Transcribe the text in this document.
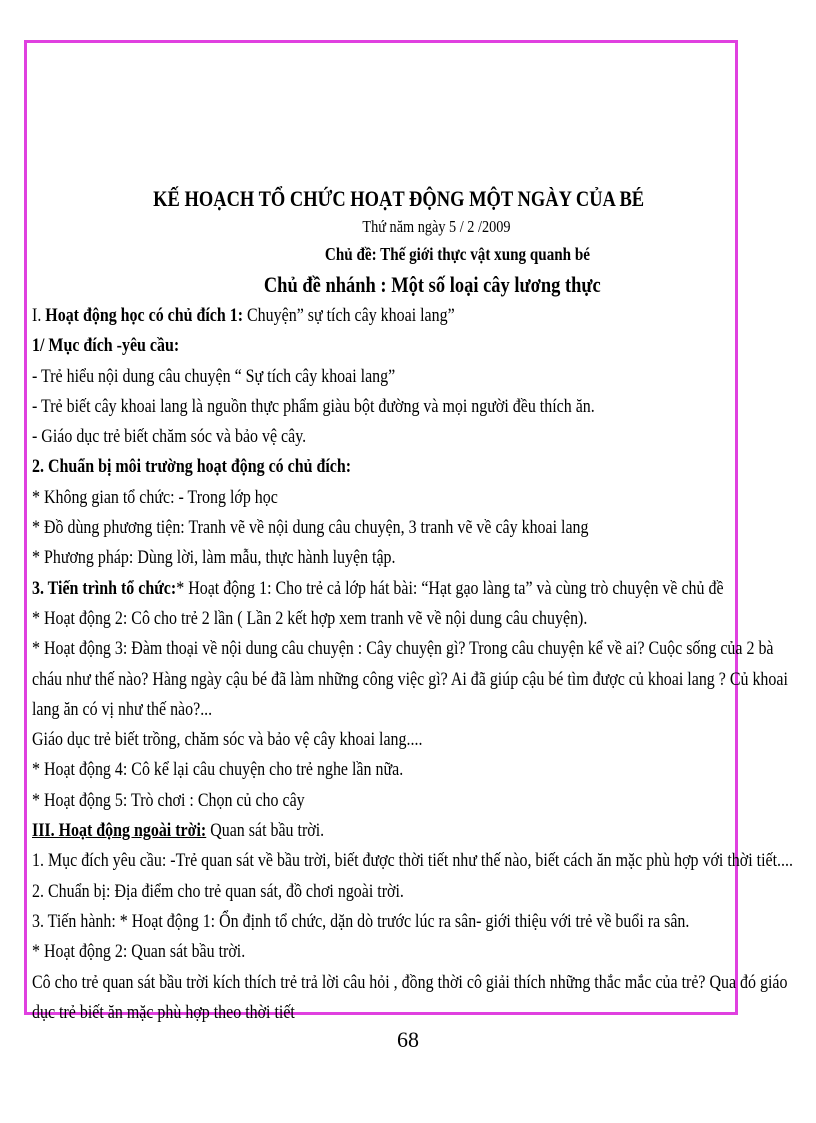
KẾ HOẠCH TỔ CHỨC HOẠT ĐỘNG MỘT NGÀY CỦA BÉ
Thứ năm ngày 5 / 2 /2009
Chủ đề: Thế giới thực vật xung quanh bé
Chủ đề nhánh : Một số loại cây lương thực
I. Hoạt động học có chủ đích 1: Chuyện” sự tích cây khoai lang”
1/ Mục đích -yêu cầu:
- Trẻ hiểu nội dung câu chuyện “ Sự tích cây khoai lang”
- Trẻ biết cây khoai lang là nguồn thực phẩm giàu bột đường và mọi người đều thích ăn.
- Giáo dục trẻ biết chăm sóc và bảo vệ cây.
2. Chuẩn bị môi trường hoạt động có chủ đích:
* Không gian tổ chức: - Trong lớp học
* Đồ dùng phương tiện: Tranh vẽ về nội dung câu chuyện, 3 tranh vẽ về cây khoai lang
* Phương pháp: Dùng lời, làm mẫu, thực hành luyện tập.
3. Tiến trình tổ chức:* Hoạt động 1: Cho trẻ cả lớp hát bài: “Hạt gạo làng ta” và cùng trò chuyện về chủ đề
* Hoạt động 2: Cô cho trẻ 2 lần ( Lần 2 kết hợp xem tranh vẽ về nội dung câu chuyện).
* Hoạt động 3: Đàm thoại về nội dung câu chuyện : Cây chuyện gì? Trong câu chuyện kể về ai? Cuộc sống của 2 bà
cháu như thế nào? Hàng ngày cậu bé đã làm những công việc gì? Ai đã giúp cậu bé tìm được củ khoai lang ? Củ khoai
lang ăn có vị như thế nào?...
Giáo dục trẻ biết trồng, chăm sóc và bảo vệ cây khoai lang....
* Hoạt động 4: Cô kể lại câu chuyện cho trẻ nghe lần nữa.
* Hoạt động 5: Trò chơi : Chọn củ cho cây
III. Hoạt động ngoài trời: Quan sát bầu trời.
1. Mục đích yêu cầu: -Trẻ quan sát về bầu trời, biết được thời tiết như thế nào, biết cách ăn mặc phù hợp với thời tiết....
2. Chuẩn bị: Địa điểm cho trẻ quan sát, đồ chơi ngoài trời.
3. Tiến hành: * Hoạt động 1: Ổn định tổ chức, dặn dò trước lúc ra sân- giới thiệu với trẻ về buổi ra sân.
* Hoạt động 2: Quan sát bầu trời.
Cô cho trẻ quan sát bầu trời kích thích trẻ trả lời câu hỏi , đồng thời cô giải thích những thắc mắc của trẻ? Qua đó giáo
dục trẻ biết ăn mặc phù hợp theo thời tiết
68
